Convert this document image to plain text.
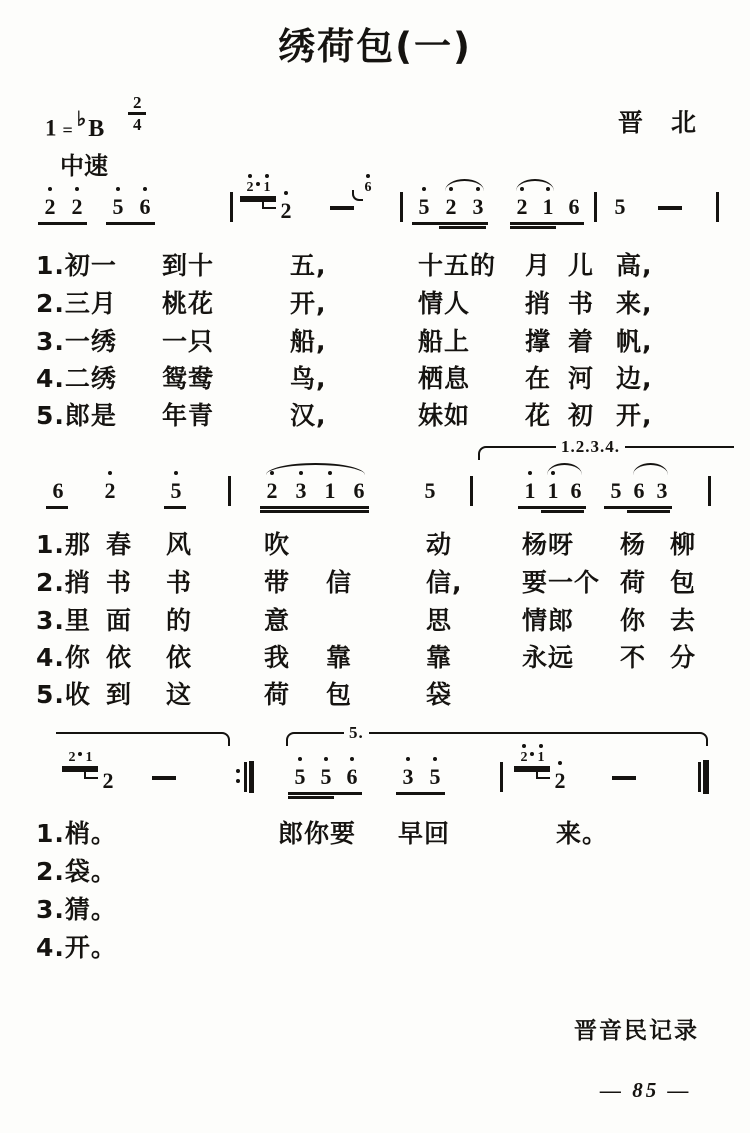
绣荷包(一)
1 = ♭B $\frac{2}{4}$	晋北
中速
晋音民记录
— 85 —
2 2 5 6
2 1
2
6
5 2 3 2 1 6 5
1.2.3.4.
6 2	5	2 3 1 6	5	1 1 6 5 6 3
5.
2 1
2	5 5 6 3 5
2 1
2
1.初一 到十	五,	十五的 月 儿 高,
2.三月 桃花	开,	情人 捎 书 来,
3.一绣 一只	船,	船上 撑 着 帆,
4.二绣 鸳鸯	鸟,	栖息 在 河 边,
5.郎是 年青	汉,	妹如 花 初 开,
1.那 春 风	吹	动	杨呀 杨 柳
2.捎 书 书	带 信	信, 要一个 荷 包
3.里 面 的	意	思	情郎 你 去
4.你 依 依	我 靠	靠	永远 不 分
5.收 到 这	荷 包	袋
1.梢。	郎你要 早回	来。
2.袋。
3.猜。
4.开。
